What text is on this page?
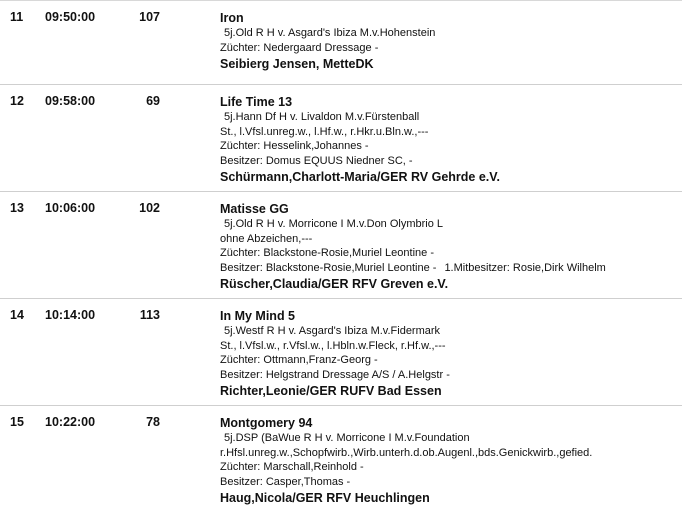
11 09:50:00	107	Iron
5j.Old R H v. Asgard's Ibiza M.v.Hohenstein
Züchter: Nedergaard Dressage -
Seibierg Jensen, MetteDK
12 09:58:00	69	Life Time 13
5j.Hann Df H v. Livaldon M.v.Fürstenball
St., l.Vfsl.unreg.w., l.Hf.w., r.Hkr.u.Bln.w.,---
Züchter: Hesselink,Johannes -
Besitzer: Domus EQUUS Niedner SC, -
Schürmann,Charlott-Maria/GER RV Gehrde e.V.
13 10:06:00	102	Matisse GG
5j.Old R H v. Morricone I M.v.Don Olymbrio L
ohne Abzeichen,---
Züchter: Blackstone-Rosie,Muriel Leontine -
Besitzer: Blackstone-Rosie,Muriel Leontine - 1.Mitbesitzer: Rosie,Dirk Wilhelm
Rüscher,Claudia/GER RFV Greven e.V.
14 10:14:00	113	In My Mind 5
5j.Westf R H v. Asgard's Ibiza M.v.Fidermark
St., l.Vfsl.w., r.Vfsl.w., l.Hbln.w.Fleck, r.Hf.w.,---
Züchter: Ottmann,Franz-Georg -
Besitzer: Helgstrand Dressage A/S / A.Helgstr -
Richter,Leonie/GER RUFV Bad Essen
15 10:22:00	78	Montgomery 94
5j.DSP (BaWue R H v. Morricone I M.v.Foundation
r.Hfsl.unreg.w.,Schopfwirb.,Wirb.unterh.d.ob.Augenl.,bds.Genickwirb.,gefied.
Züchter: Marschall,Reinhold -
Besitzer: Casper,Thomas -
Haug,Nicola/GER RFV Heuchlingen
